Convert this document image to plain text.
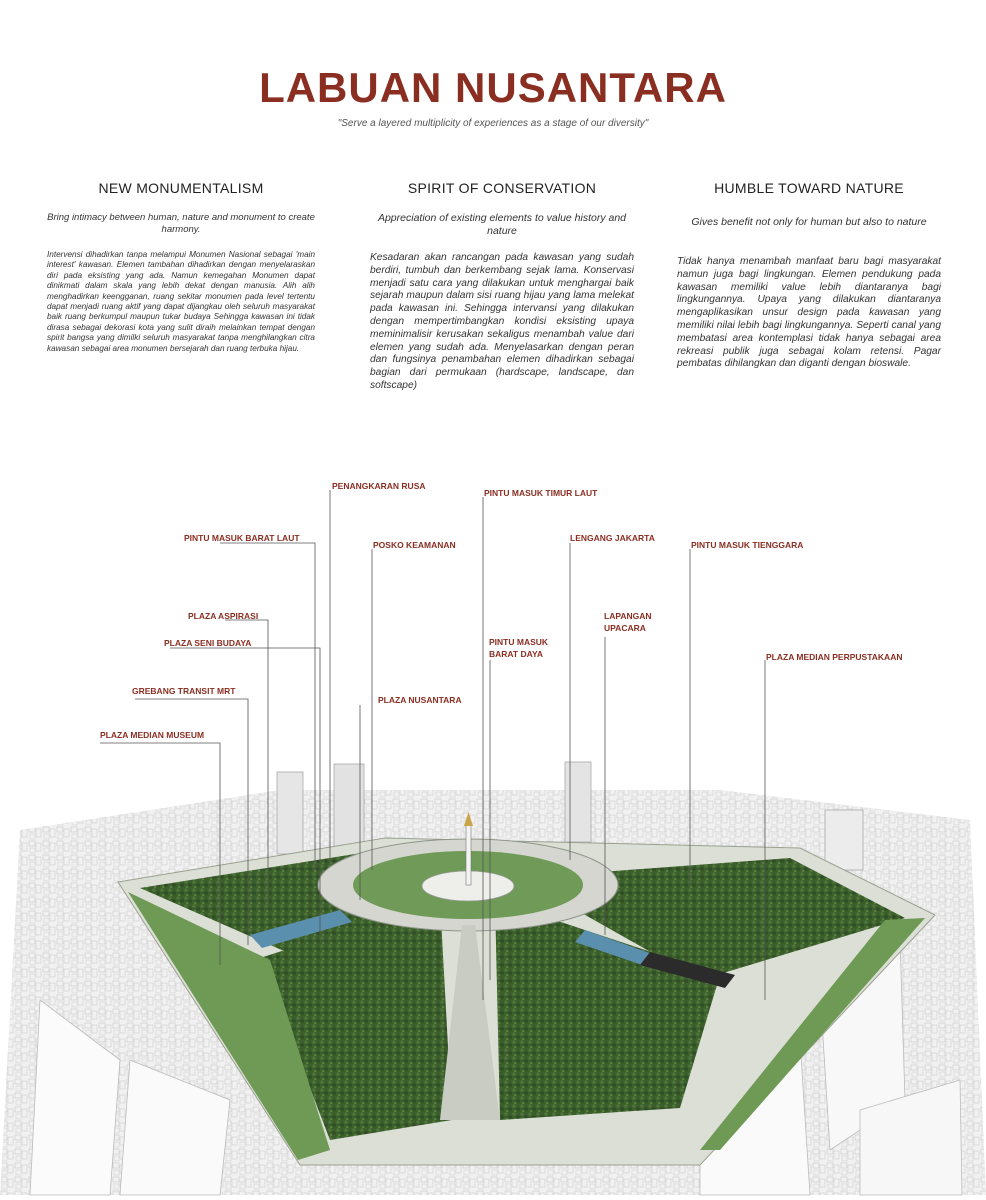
LABUAN NUSANTARA
"Serve a layered multiplicity of experiences as a stage of our diversity"
NEW MONUMENTALISM

Bring intimacy between human, nature and monument to create harmony.

Intervensi dihadirkan tanpa melampui Monumen Nasional sebagai 'main interest' kawasan. Elemen tambahan dihadirkan dengan menyelaraskan diri pada eksisting yang ada. Namun kemegahan Monumen dapat dinikmati dalam skala yang lebih dekat dengan manusia. Alih alih menghadirkan keengganan, ruang sekitar monumen pada level tertentu dapat menjadi ruang aktif yang dapat dijangkau oleh seluruh masyarakat baik ruang berkumpul maupun tukar budaya Sehingga kawasan ini tidak dirasa sebagai dekorasi kota yang sulit diraih melainkan tempat dengan spirit bangsa yang dimilki seluruh masyarakat tanpa menghilangkan citra kawasan sebagai area monumen bersejarah dan ruang terbuka hijau.

SPIRIT OF CONSERVATION

Appreciation of existing elements to value history and nature

Kesadaran akan rancangan pada kawasan yang sudah berdiri, tumbuh dan berkembang sejak lama. Konservasi menjadi satu cara yang dilakukan untuk menghargai baik sejarah maupun dalam sisi ruang hijau yang lama melekat pada kawasan ini. Sehingga intervansi yang dilakukan dengan mempertimbangkan kondisi eksisting upaya meminimalisir kerusakan sekaligus menambah value dari elemen yang sudah ada. Menyelasarkan dengan peran dan fungsinya penambahan elemen dihadirkan sebagai bagian dari permukaan (hardscape, landscape, dan softscape)

HUMBLE TOWARD NATURE

Gives benefit not only for human but also to nature

Tidak hanya menambah manfaat baru bagi masyarakat namun juga bagi lingkungan. Elemen pendukung pada kawasan memiliki value lebih diantaranya bagi lingkungannya. Upaya yang dilakukan diantaranya mengaplikasikan unsur design pada kawasan yang memiliki nilai lebih bagi lingkungannya. Seperti canal yang membatasi area kontemplasi tidak hanya sebagai area rekreasi publik juga sebagai kolam retensi. Pagar pembatas dihilangkan dan diganti dengan bioswale.

PENANGKARAN RUSA
PINTU MASUK TIMUR LAUT
PINTU MASUK BARAT LAUT
POSKO KEAMANAN
LENGANG JAKARTA
PINTU MASUK TIENGGARA
PLAZA ASPIRASI	LAPANGAN
UPACARA
PLAZA SENI BUDAYA	PINTU MASUK
BARAT DAYA	PLAZA MEDIAN PERPUSTAKAAN
GREBANG TRANSIT MRT
PLAZA NUSANTARA
PLAZA MEDIAN MUSEUM
